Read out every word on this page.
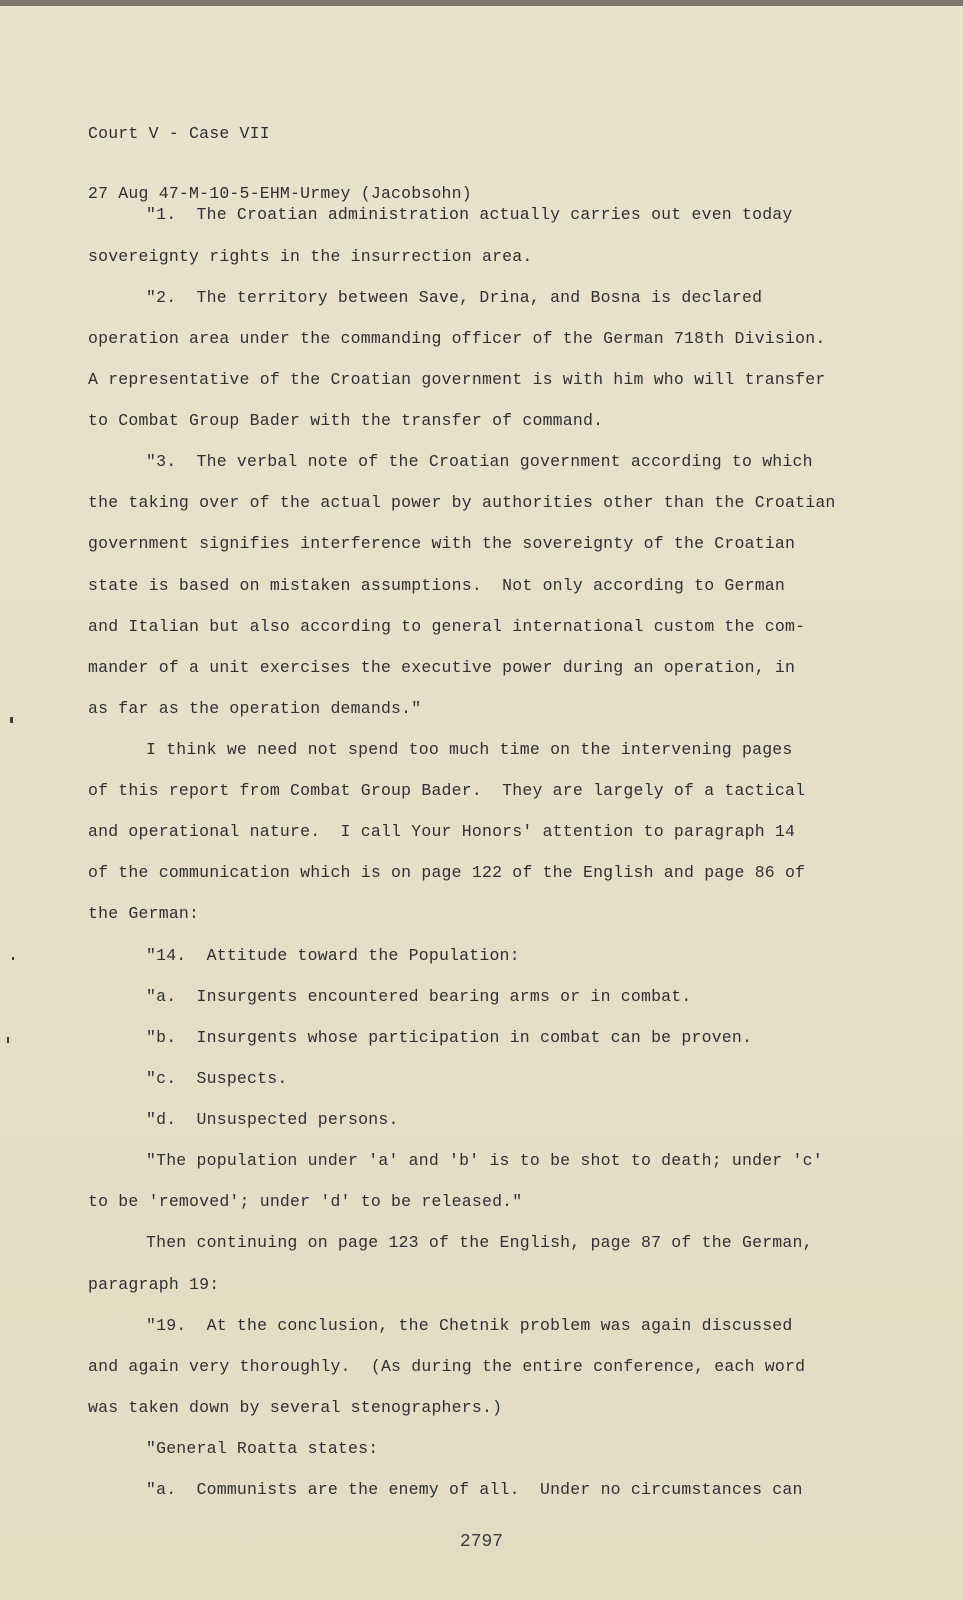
Court V - Case VII

27 Aug 47-M-10-5-EHM-Urmey (Jacobsohn)

"1.  The Croatian administration actually carries out even today
sovereignty rights in the insurrection area.
"2.  The territory between Save, Drina, and Bosna is declared
operation area under the commanding officer of the German 718th Division.
A representative of the Croatian government is with him who will transfer
to Combat Group Bader with the transfer of command.
"3.  The verbal note of the Croatian government according to which
the taking over of the actual power by authorities other than the Croatian
government signifies interference with the sovereignty of the Croatian
state is based on mistaken assumptions.  Not only according to German
and Italian but also according to general international custom the com-
mander of a unit exercises the executive power during an operation, in
as far as the operation demands."
I think we need not spend too much time on the intervening pages
of this report from Combat Group Bader.  They are largely of a tactical
and operational nature.  I call Your Honors' attention to paragraph 14
of the communication which is on page 122 of the English and page 86 of
the German:
"14.  Attitude toward the Population:
"a.  Insurgents encountered bearing arms or in combat.
"b.  Insurgents whose participation in combat can be proven.
"c.  Suspects.
"d.  Unsuspected persons.
"The population under 'a' and 'b' is to be shot to death; under 'c'
to be 'removed'; under 'd' to be released."
Then continuing on page 123 of the English, page 87 of the German,
paragraph 19:
"19.  At the conclusion, the Chetnik problem was again discussed
and again very thoroughly.  (As during the entire conference, each word
was taken down by several stenographers.)
"General Roatta states:
"a.  Communists are the enemy of all.  Under no circumstances can
2797
